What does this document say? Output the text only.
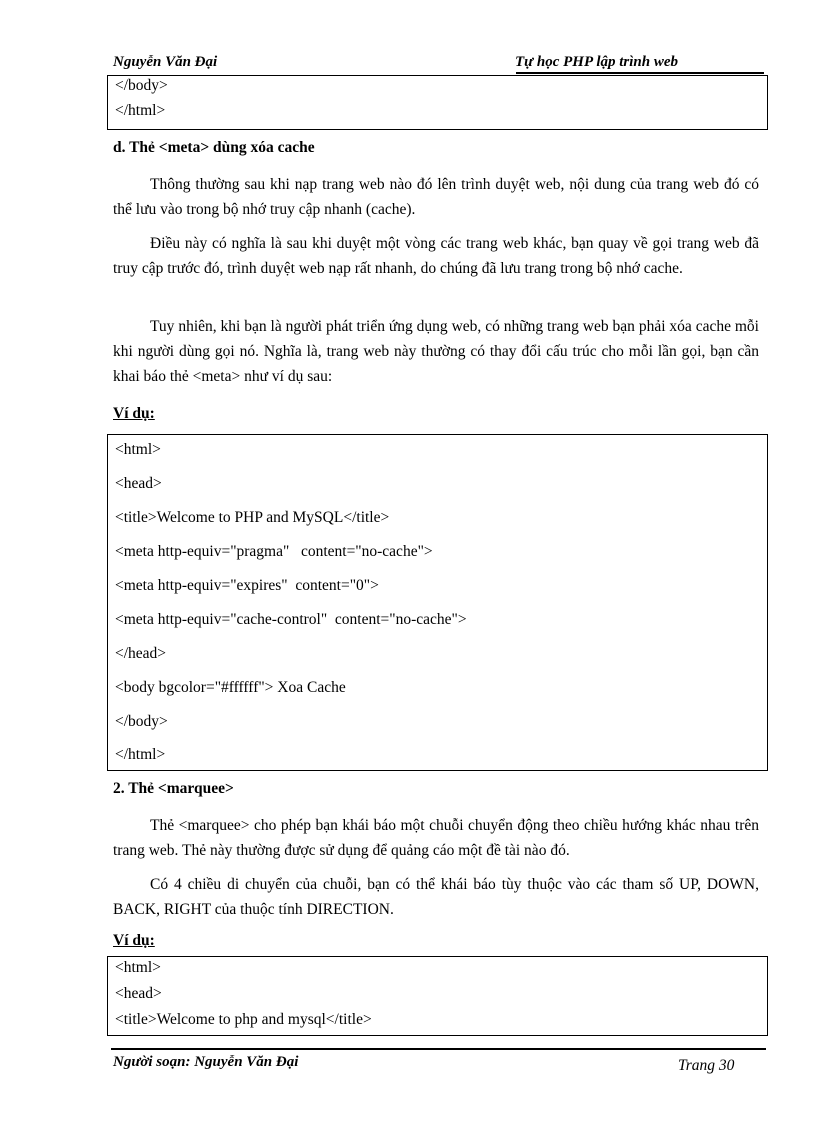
Nguyễn Văn Đại	Tự học PHP lập trình web
</body>
</html>
d. Thẻ <meta> dùng xóa cache
Thông thường sau khi nạp trang web nào đó lên trình duyệt web, nội dung của trang web đó có thể lưu vào trong bộ nhớ truy cập nhanh (cache).
Điều này có nghĩa là sau khi duyệt một vòng các trang web khác, bạn quay về gọi trang web đã truy cập trước đó, trình duyệt web nạp rất nhanh, do chúng đã lưu trang trong bộ nhớ cache.
Tuy nhiên, khi bạn là người phát triển ứng dụng web, có những trang web bạn phải xóa cache mỗi khi người dùng gọi nó. Nghĩa là, trang web này thường có thay đổi cấu trúc cho mỗi lần gọi, bạn cần khai báo thẻ <meta> như ví dụ sau:
Ví dụ:
<html>
<head>
<title>Welcome to PHP and MySQL</title>
<meta http-equiv="pragma"   content="no-cache">
<meta http-equiv="expires"  content="0">
<meta http-equiv="cache-control"  content="no-cache">
</head>
<body bgcolor="#ffffff"> Xoa Cache
</body>
</html>
2. Thẻ <marquee>
Thẻ <marquee> cho phép bạn khái báo một chuỗi chuyển động theo chiều hướng khác nhau trên trang web. Thẻ này thường được sử dụng để quảng cáo một đề tài nào đó.
Có 4 chiều di chuyển của chuỗi, bạn có thể khái báo tùy thuộc vào các tham số UP, DOWN, BACK, RIGHT của thuộc tính DIRECTION.
Ví dụ:
<html>
<head>
<title>Welcome to php and mysql</title>
Người soạn: Nguyễn Văn Đại	Trang 30
